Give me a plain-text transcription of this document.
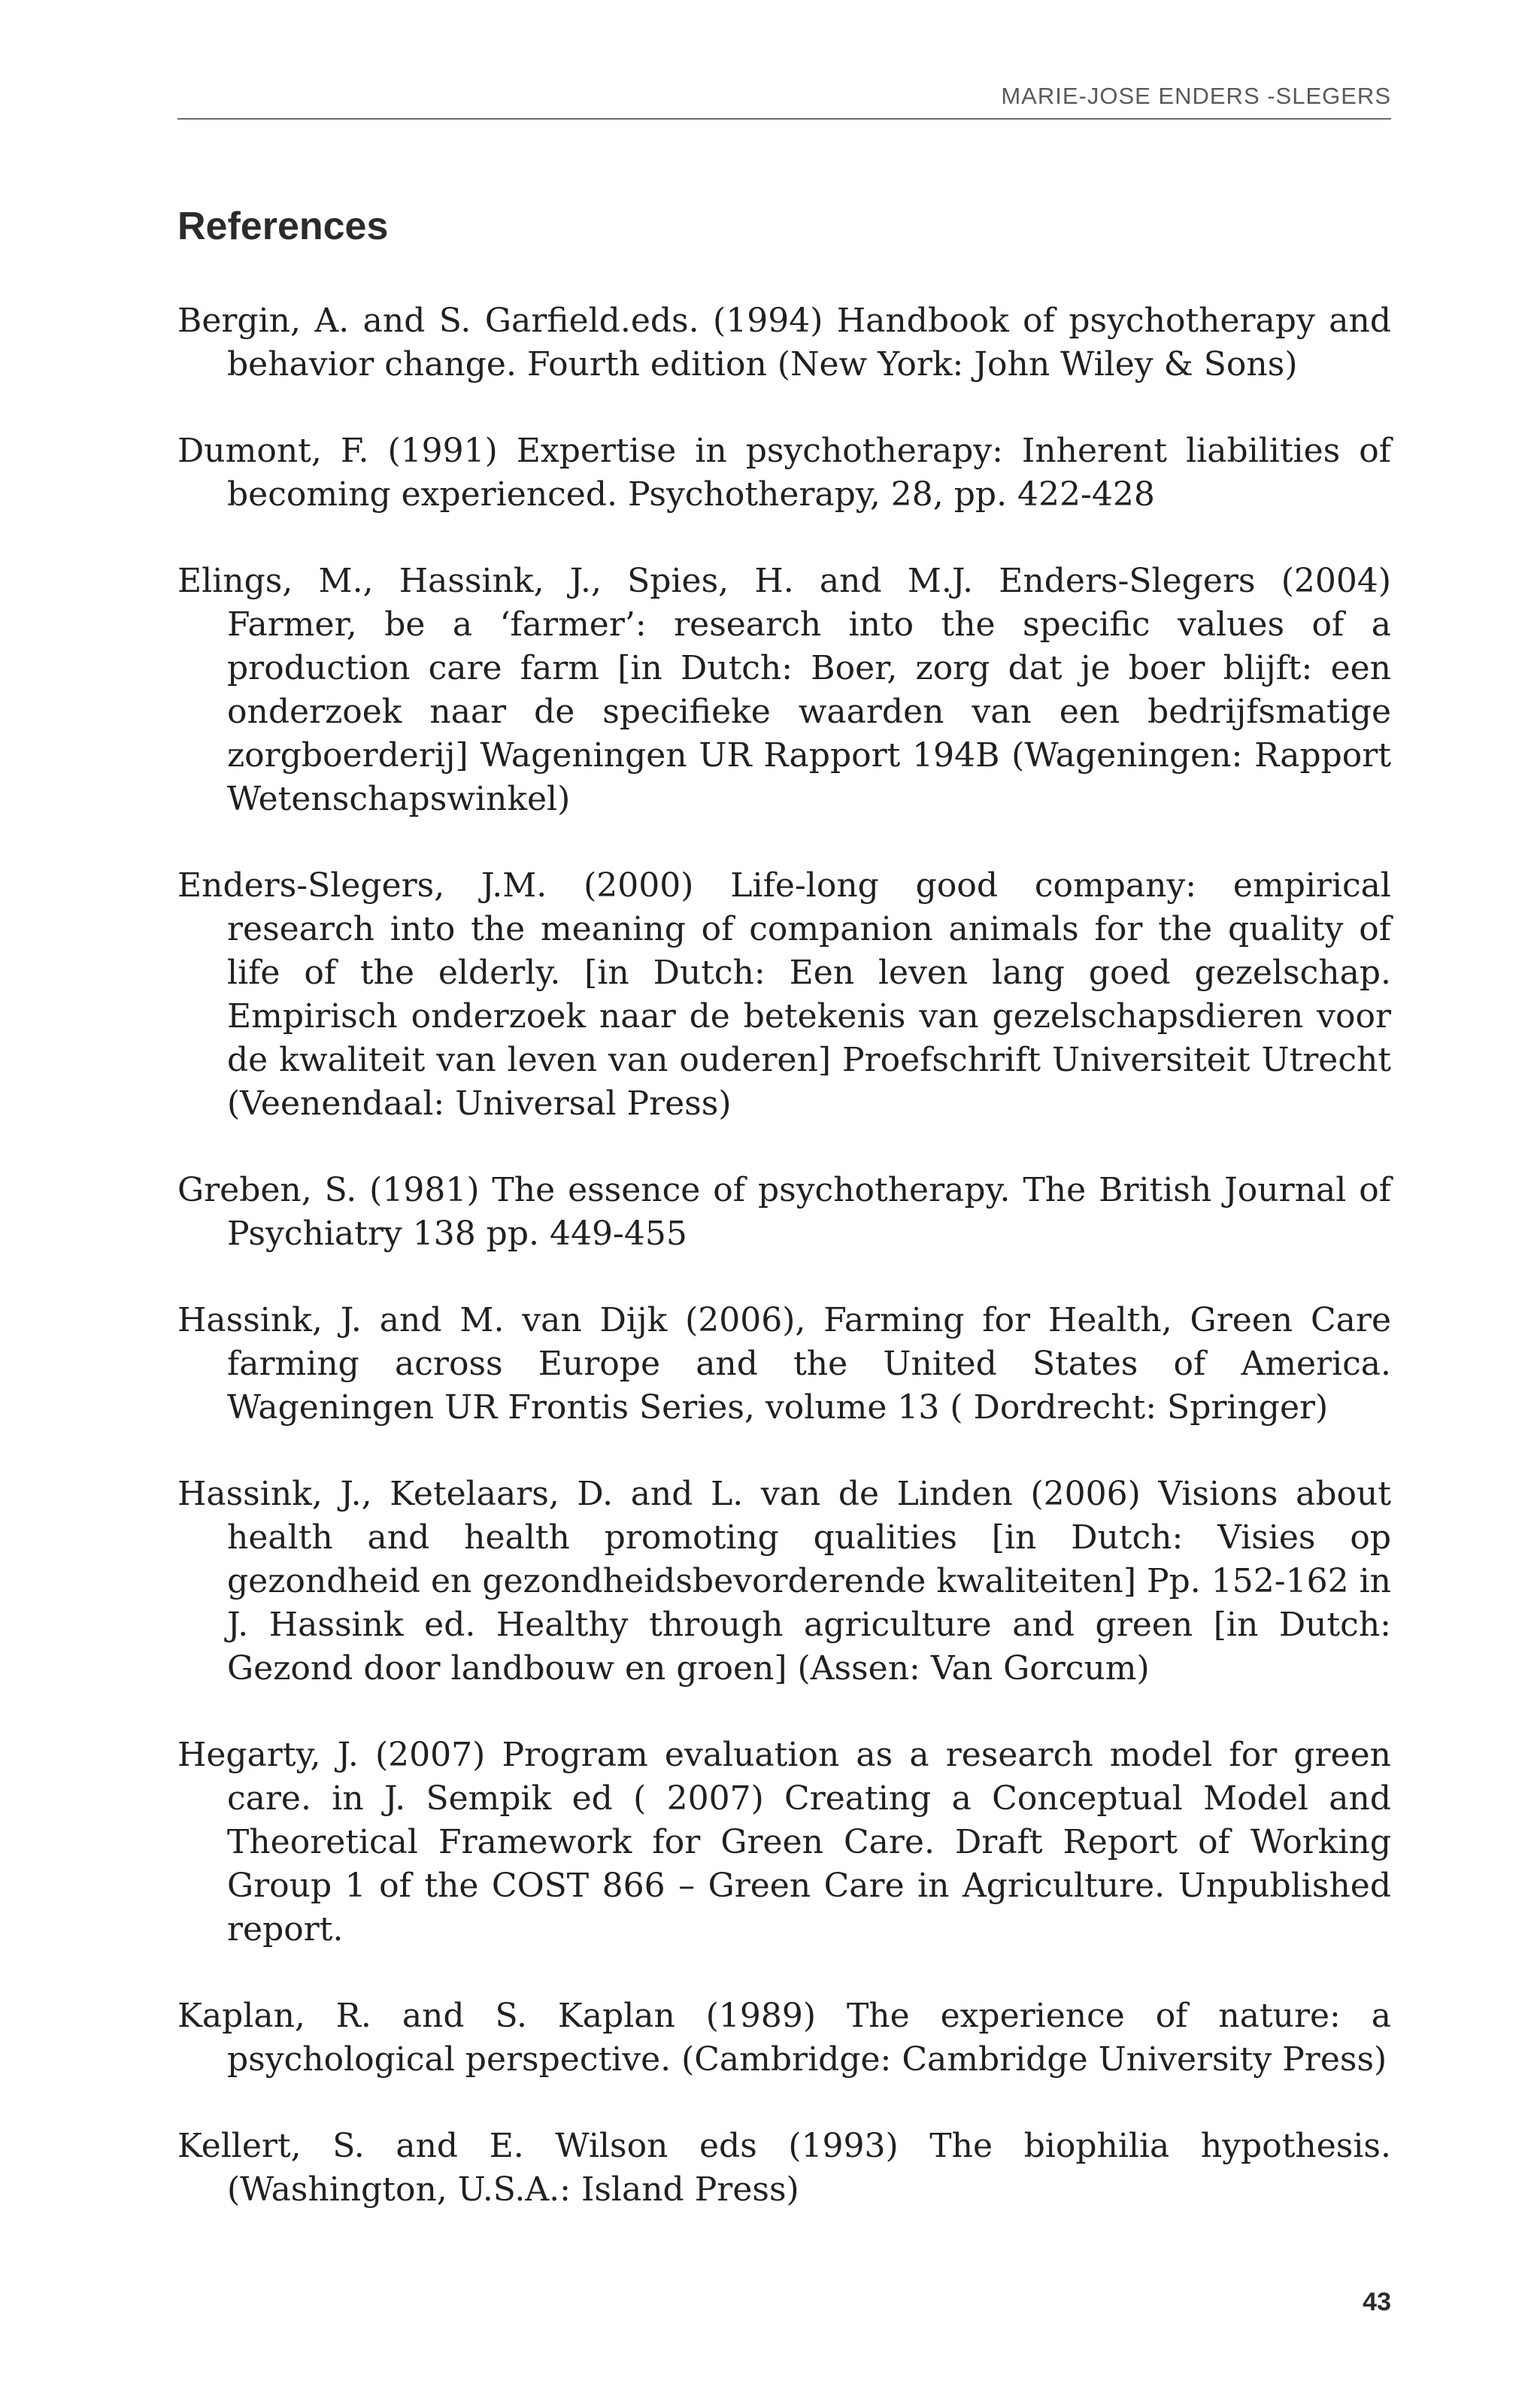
MARIE-JOSE ENDERS -SLEGERS
References
Bergin, A. and S. Garfield.eds. (1994) Handbook of psychotherapy and behavior change. Fourth edition (New York: John Wiley & Sons)
Dumont, F. (1991) Expertise in psychotherapy: Inherent liabilities of becoming experienced. Psychotherapy, 28, pp. 422-428
Elings, M., Hassink, J., Spies, H. and M.J. Enders-Slegers (2004) Farmer, be a ‘farmer’: research into the specific values of a production care farm [in Dutch: Boer, zorg dat je boer blijft: een onderzoek naar de specifieke waarden van een bedrijfsmatige zorgboerderij] Wageningen UR Rapport 194B (Wageningen: Rapport Wetenschapswinkel)
Enders-Slegers, J.M. (2000) Life-long good company: empirical research into the meaning of companion animals for the quality of life of the elderly. [in Dutch: Een leven lang goed gezelschap. Empirisch onderzoek naar de betekenis van gezelschapsdieren voor de kwaliteit van leven van ouderen] Proefschrift Universiteit Utrecht (Veenendaal: Universal Press)
Greben, S. (1981) The essence of psychotherapy. The British Journal of Psychiatry 138 pp. 449-455
Hassink, J. and M. van Dijk (2006), Farming for Health, Green Care farming across Europe and the United States of America. Wageningen UR Frontis Series, volume 13 ( Dordrecht: Springer)
Hassink, J., Ketelaars, D. and L. van de Linden (2006) Visions about health and health promoting qualities [in Dutch: Visies op gezondheid en gezondheidsbevorderende kwaliteiten] Pp. 152-162 in J. Hassink ed. Healthy through agriculture and green [in Dutch: Gezond door landbouw en groen] (Assen: Van Gorcum)
Hegarty, J. (2007) Program evaluation as a research model for green care. in J. Sempik ed ( 2007) Creating a Conceptual Model and Theoretical Framework for Green Care. Draft Report of Working Group 1 of the COST 866 – Green Care in Agriculture. Unpublished report.
Kaplan, R. and S. Kaplan (1989) The experience of nature: a psychological perspective. (Cambridge: Cambridge University Press)
Kellert, S. and E. Wilson eds (1993) The biophilia hypothesis. (Washington, U.S.A.: Island Press)
43
